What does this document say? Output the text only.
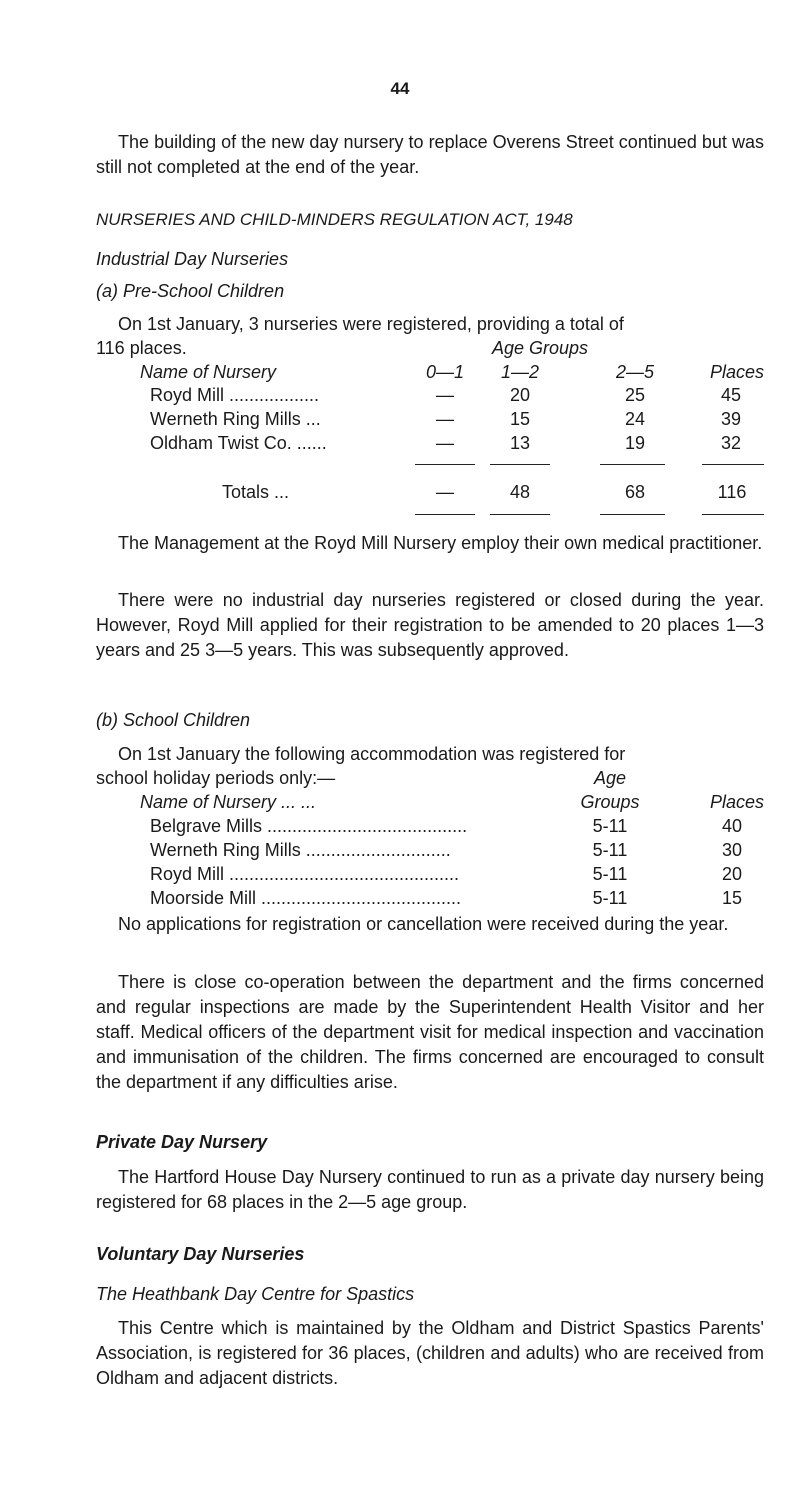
44
The building of the new day nursery to replace Overens Street continued but was still not completed at the end of the year.
NURSERIES AND CHILD-MINDERS REGULATION ACT, 1948
Industrial Day Nurseries
(a) Pre-School Children
On 1st January, 3 nurseries were registered, providing a total of
116 places.	Age Groups
Name of Nursery	0—1	1—2	2—5	Places
Royd Mill ..................	—	20	25	45
Werneth Ring Mills ...	—	15	24	39
Oldham Twist Co. ......	—	13	19	32
Totals ...	—	48	68	116
The Management at the Royd Mill Nursery employ their own medical practitioner.
There were no industrial day nurseries registered or closed during the year. However, Royd Mill applied for their registration to be amended to 20 places 1—3 years and 25 3—5 years. This was subsequently approved.
(b) School Children
On 1st January the following accommodation was registered for
school holiday periods only:—	Age
Name of Nursery ... ...	Groups	Places
Belgrave Mills ........................................	5-11	40
Werneth Ring Mills .............................	5-11	30
Royd Mill ..............................................	5-11	20
Moorside Mill ........................................	5-11	15
No applications for registration or cancellation were received during the year.
There is close co-operation between the department and the firms concerned and regular inspections are made by the Superintendent Health Visitor and her staff. Medical officers of the department visit for medical inspection and vaccination and immunisation of the children. The firms concerned are encouraged to consult the department if any difficulties arise.
Private Day Nursery
The Hartford House Day Nursery continued to run as a private day nursery being registered for 68 places in the 2—5 age group.
Voluntary Day Nurseries
The Heathbank Day Centre for Spastics
This Centre which is maintained by the Oldham and District Spastics Parents' Association, is registered for 36 places, (children and adults) who are received from Oldham and adjacent districts.
